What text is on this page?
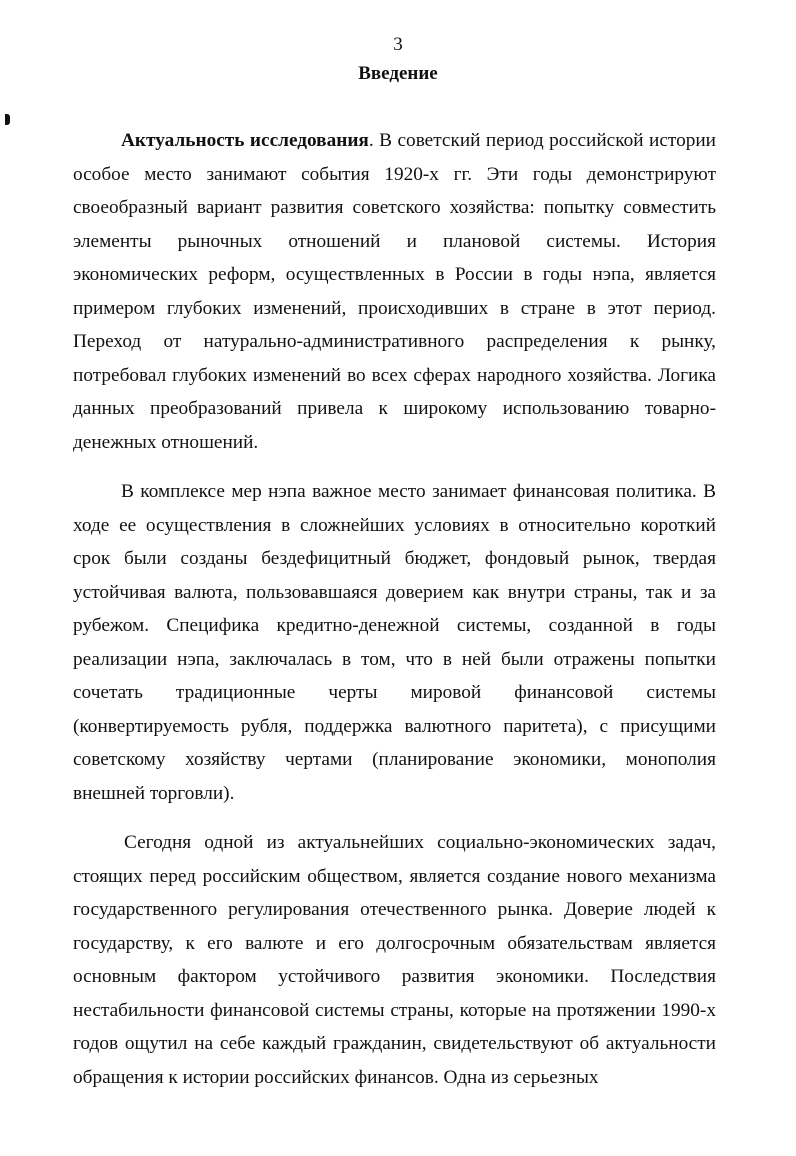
3
Введение

Актуальность исследования. В советский период российской истории особое место занимают события 1920-х гг. Эти годы демонстрируют своеобразный вариант развития советского хозяйства: попытку совместить элементы рыночных отношений и плановой системы. История экономических реформ, осуществленных в России в годы нэпа, является примером глубоких изменений, происходивших в стране в этот период. Переход от натурально-административного распределения к рынку, потребовал глубоких изменений во всех сферах народного хозяйства. Логика данных преобразований привела к широкому использованию товарно-денежных отношений.

В комплексе мер нэпа важное место занимает финансовая политика. В ходе ее осуществления в сложнейших условиях в относительно короткий срок были созданы бездефицитный бюджет, фондовый рынок, твердая устойчивая валюта, пользовавшаяся доверием как внутри страны, так и за рубежом. Специфика кредитно-денежной системы, созданной в годы реализации нэпа, заключалась в том, что в ней были отражены попытки сочетать традиционные черты мировой финансовой системы (конвертируемость рубля, поддержка валютного паритета), с присущими советскому хозяйству чертами (планирование экономики, монополия внешней торговли).

Сегодня одной из актуальнейших социально-экономических задач, стоящих перед российским обществом, является создание нового механизма государственного регулирования отечественного рынка. Доверие людей к государству, к его валюте и его долгосрочным обязательствам является основным фактором устойчивого развития экономики. Последствия нестабильности финансовой системы страны, которые на протяжении 1990-х годов ощутил на себе каждый гражданин, свидетельствуют об актуальности обращения к истории российских финансов. Одна из серьезных
